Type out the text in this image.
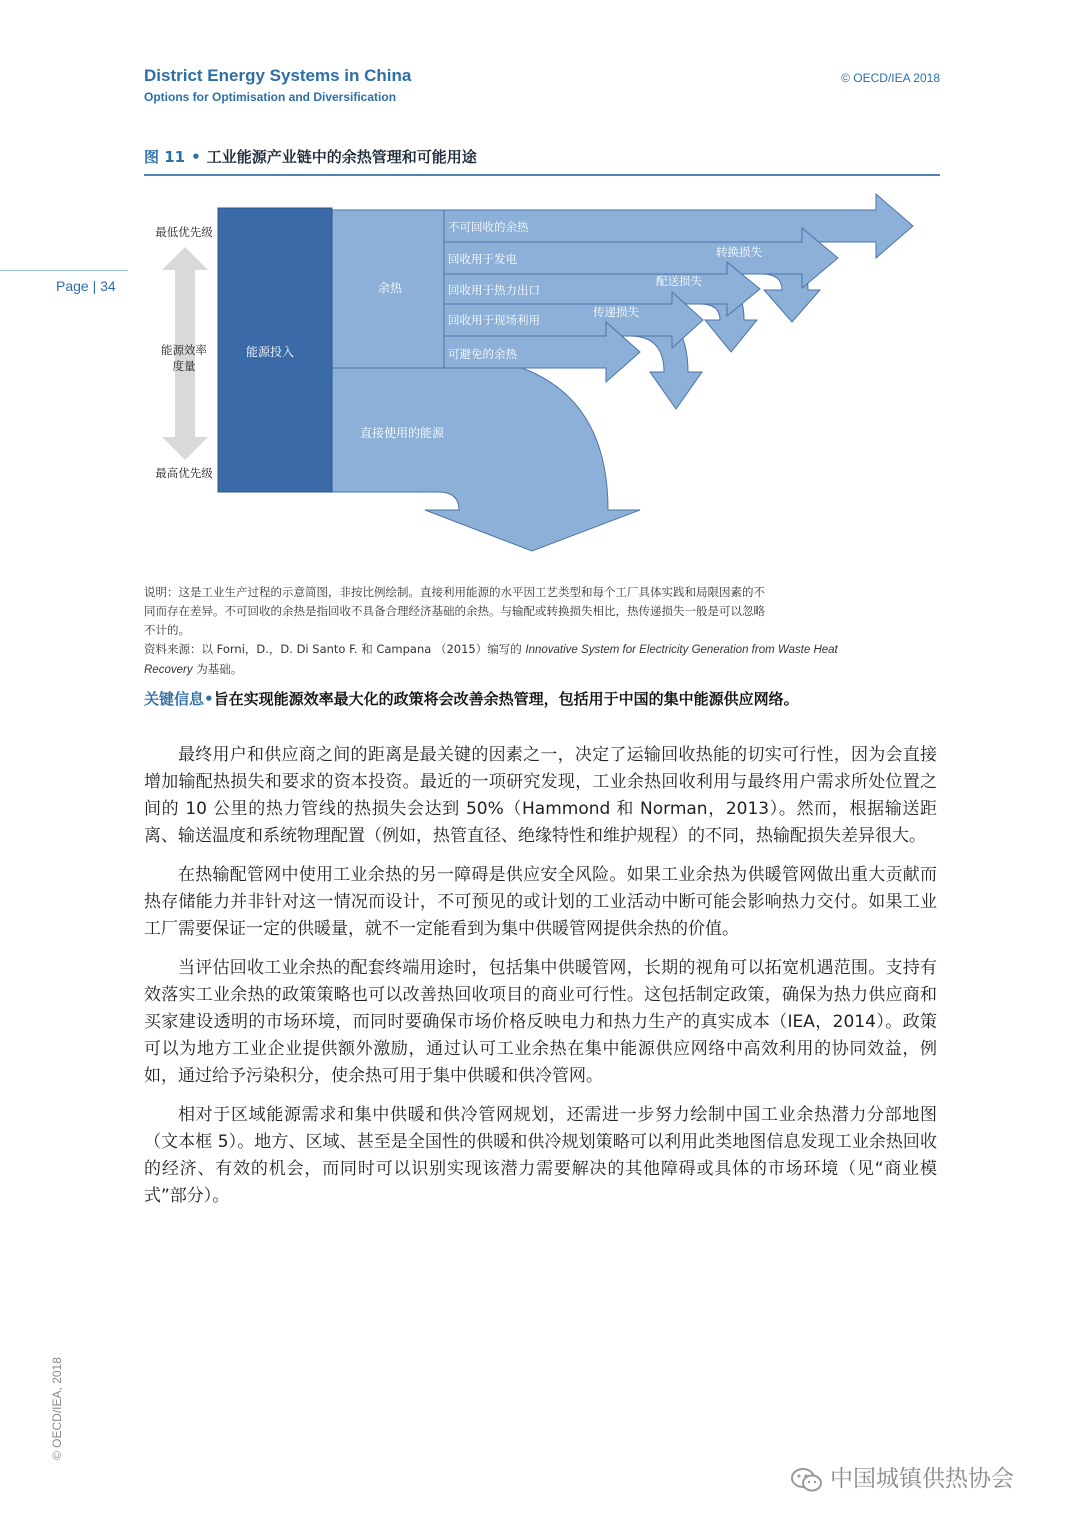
District Energy Systems in China
Options for Optimisation and Diversification
© OECD/IEA 2018
Page | 34
图 11 • 工业能源产业链中的余热管理和可能用途
最低优先级
能源效率
度量
最高优先级
能源投入
余热
直接使用的能源
不可回收的余热
回收用于发电
回收用于热力出口
回收用于现场利用
可避免的余热
转换损失
配送损失
传递损失

说明：这是工业生产过程的示意简图，非按比例绘制。直接利用能源的水平因工艺类型和每个工厂具体实践和局限因素的不

同而存在差异。不可回收的余热是指回收不具备合理经济基础的余热。与输配或转换损失相比，热传递损失一般是可以忽略

不计的。

资料来源：以 Forni，D.，D. Di Santo F. 和 Campana （2015）编写的 Innovative System for Electricity Generation from Waste Heat

Recovery 为基础。

关键信息•旨在实现能源效率最大化的政策将会改善余热管理，包括用于中国的集中能源供应网络。

最终用户和供应商之间的距离是最关键的因素之一，决定了运输回收热能的切实可行性，因为会直接增加输配热损失和要求的资本投资。最近的一项研究发现，工业余热回收利用与最终用户需求所处位置之间的 10 公里的热力管线的热损失会达到 50%（Hammond 和 Norman，2013）。然而，根据输送距离、输送温度和系统物理配置（例如，热管直径、绝缘特性和维护规程）的不同，热输配损失差异很大。

在热输配管网中使用工业余热的另一障碍是供应安全风险。如果工业余热为供暖管网做出重大贡献而热存储能力并非针对这一情况而设计，不可预见的或计划的工业活动中断可能会影响热力交付。如果工业工厂需要保证一定的供暖量，就不一定能看到为集中供暖管网提供余热的价值。

当评估回收工业余热的配套终端用途时，包括集中供暖管网，长期的视角可以拓宽机遇范围。支持有效落实工业余热的政策策略也可以改善热回收项目的商业可行性。这包括制定政策，确保为热力供应商和买家建设透明的市场环境，而同时要确保市场价格反映电力和热力生产的真实成本（IEA，2014）。政策可以为地方工业企业提供额外激励，通过认可工业余热在集中能源供应网络中高效利用的协同效益，例如，通过给予污染积分，使余热可用于集中供暖和供冷管网。

相对于区域能源需求和集中供暖和供冷管网规划，还需进一步努力绘制中国工业余热潜力分部地图（文本框 5）。地方、区域、甚至是全国性的供暖和供冷规划策略可以利用此类地图信息发现工业余热回收的经济、有效的机会，而同时可以识别实现该潜力需要解决的其他障碍或具体的市场环境（见“商业模式”部分）。

© OECD/IEA, 2018
中国城镇供热协会
